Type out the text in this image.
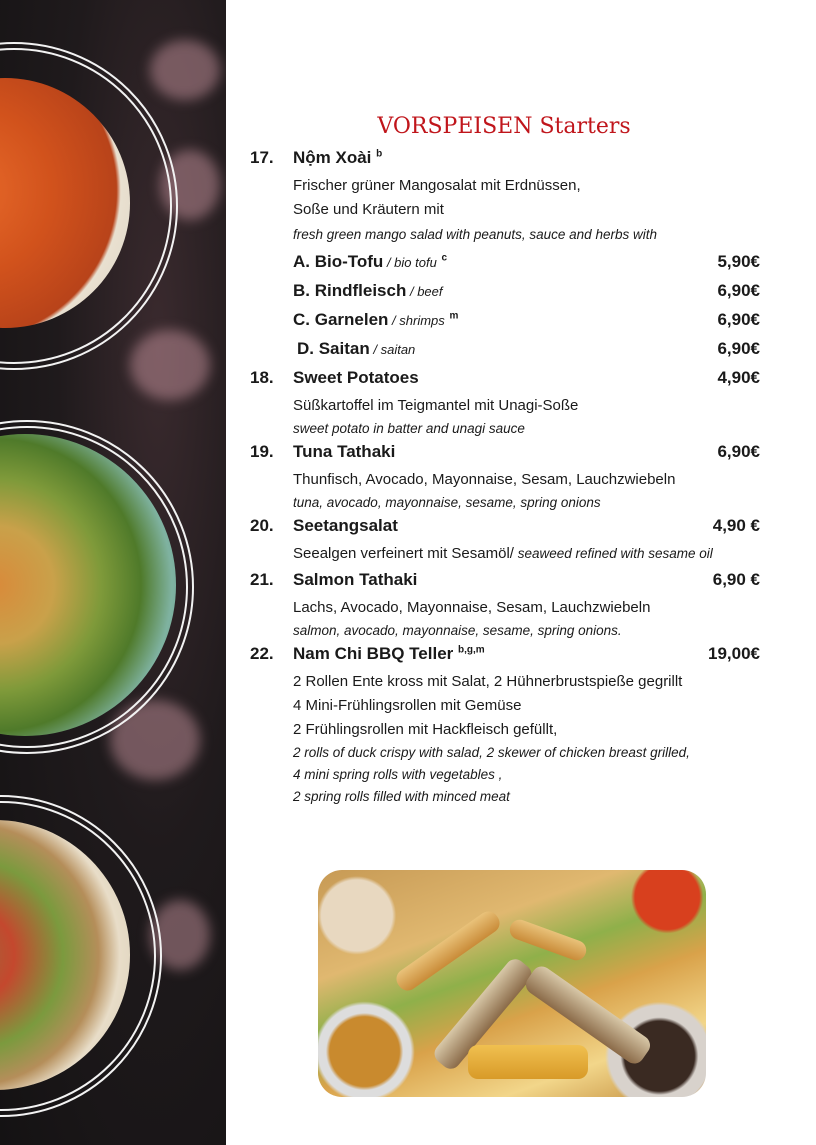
VORSPEISEN Starters
17. Nộm Xoài $^b$
Frischer grüner Mangosalat mit Erdnüssen,
Soße und Kräutern mit
fresh green mango salad with peanuts, sauce and herbs with
A. Bio-Tofu / bio tofu $^c$	5,90€
B. Rindfleisch / beef	6,90€
C. Garnelen / shrimps $^m$	6,90€
D. Saitan / saitan	6,90€
18. Sweet Potatoes	4,90€
Süßkartoffel im Teigmantel mit Unagi-Soße
sweet potato in batter and unagi sauce
19. Tuna Tathaki	6,90€
Thunfisch, Avocado, Mayonnaise, Sesam, Lauchzwiebeln
tuna, avocado, mayonnaise, sesame, spring onions
20. Seetangsalat	4,90 €
Seealgen verfeinert mit Sesamöl/ seaweed refined with sesame oil
21. Salmon Tathaki	6,90 €
Lachs, Avocado, Mayonnaise, Sesam, Lauchzwiebeln
salmon, avocado, mayonnaise, sesame, spring onions.
22. Nam Chi BBQ Teller $^{b,g,m}$	19,00€
2 Rollen Ente kross mit Salat, 2 Hühnerbrustspieße gegrillt
4 Mini-Frühlingsrollen mit Gemüse
2 Frühlingsrollen mit Hackfleisch gefüllt,
2 rolls of duck crispy with salad, 2 skewer of chicken breast grilled,
4 mini spring rolls with vegetables ,
2 spring rolls filled with minced meat
